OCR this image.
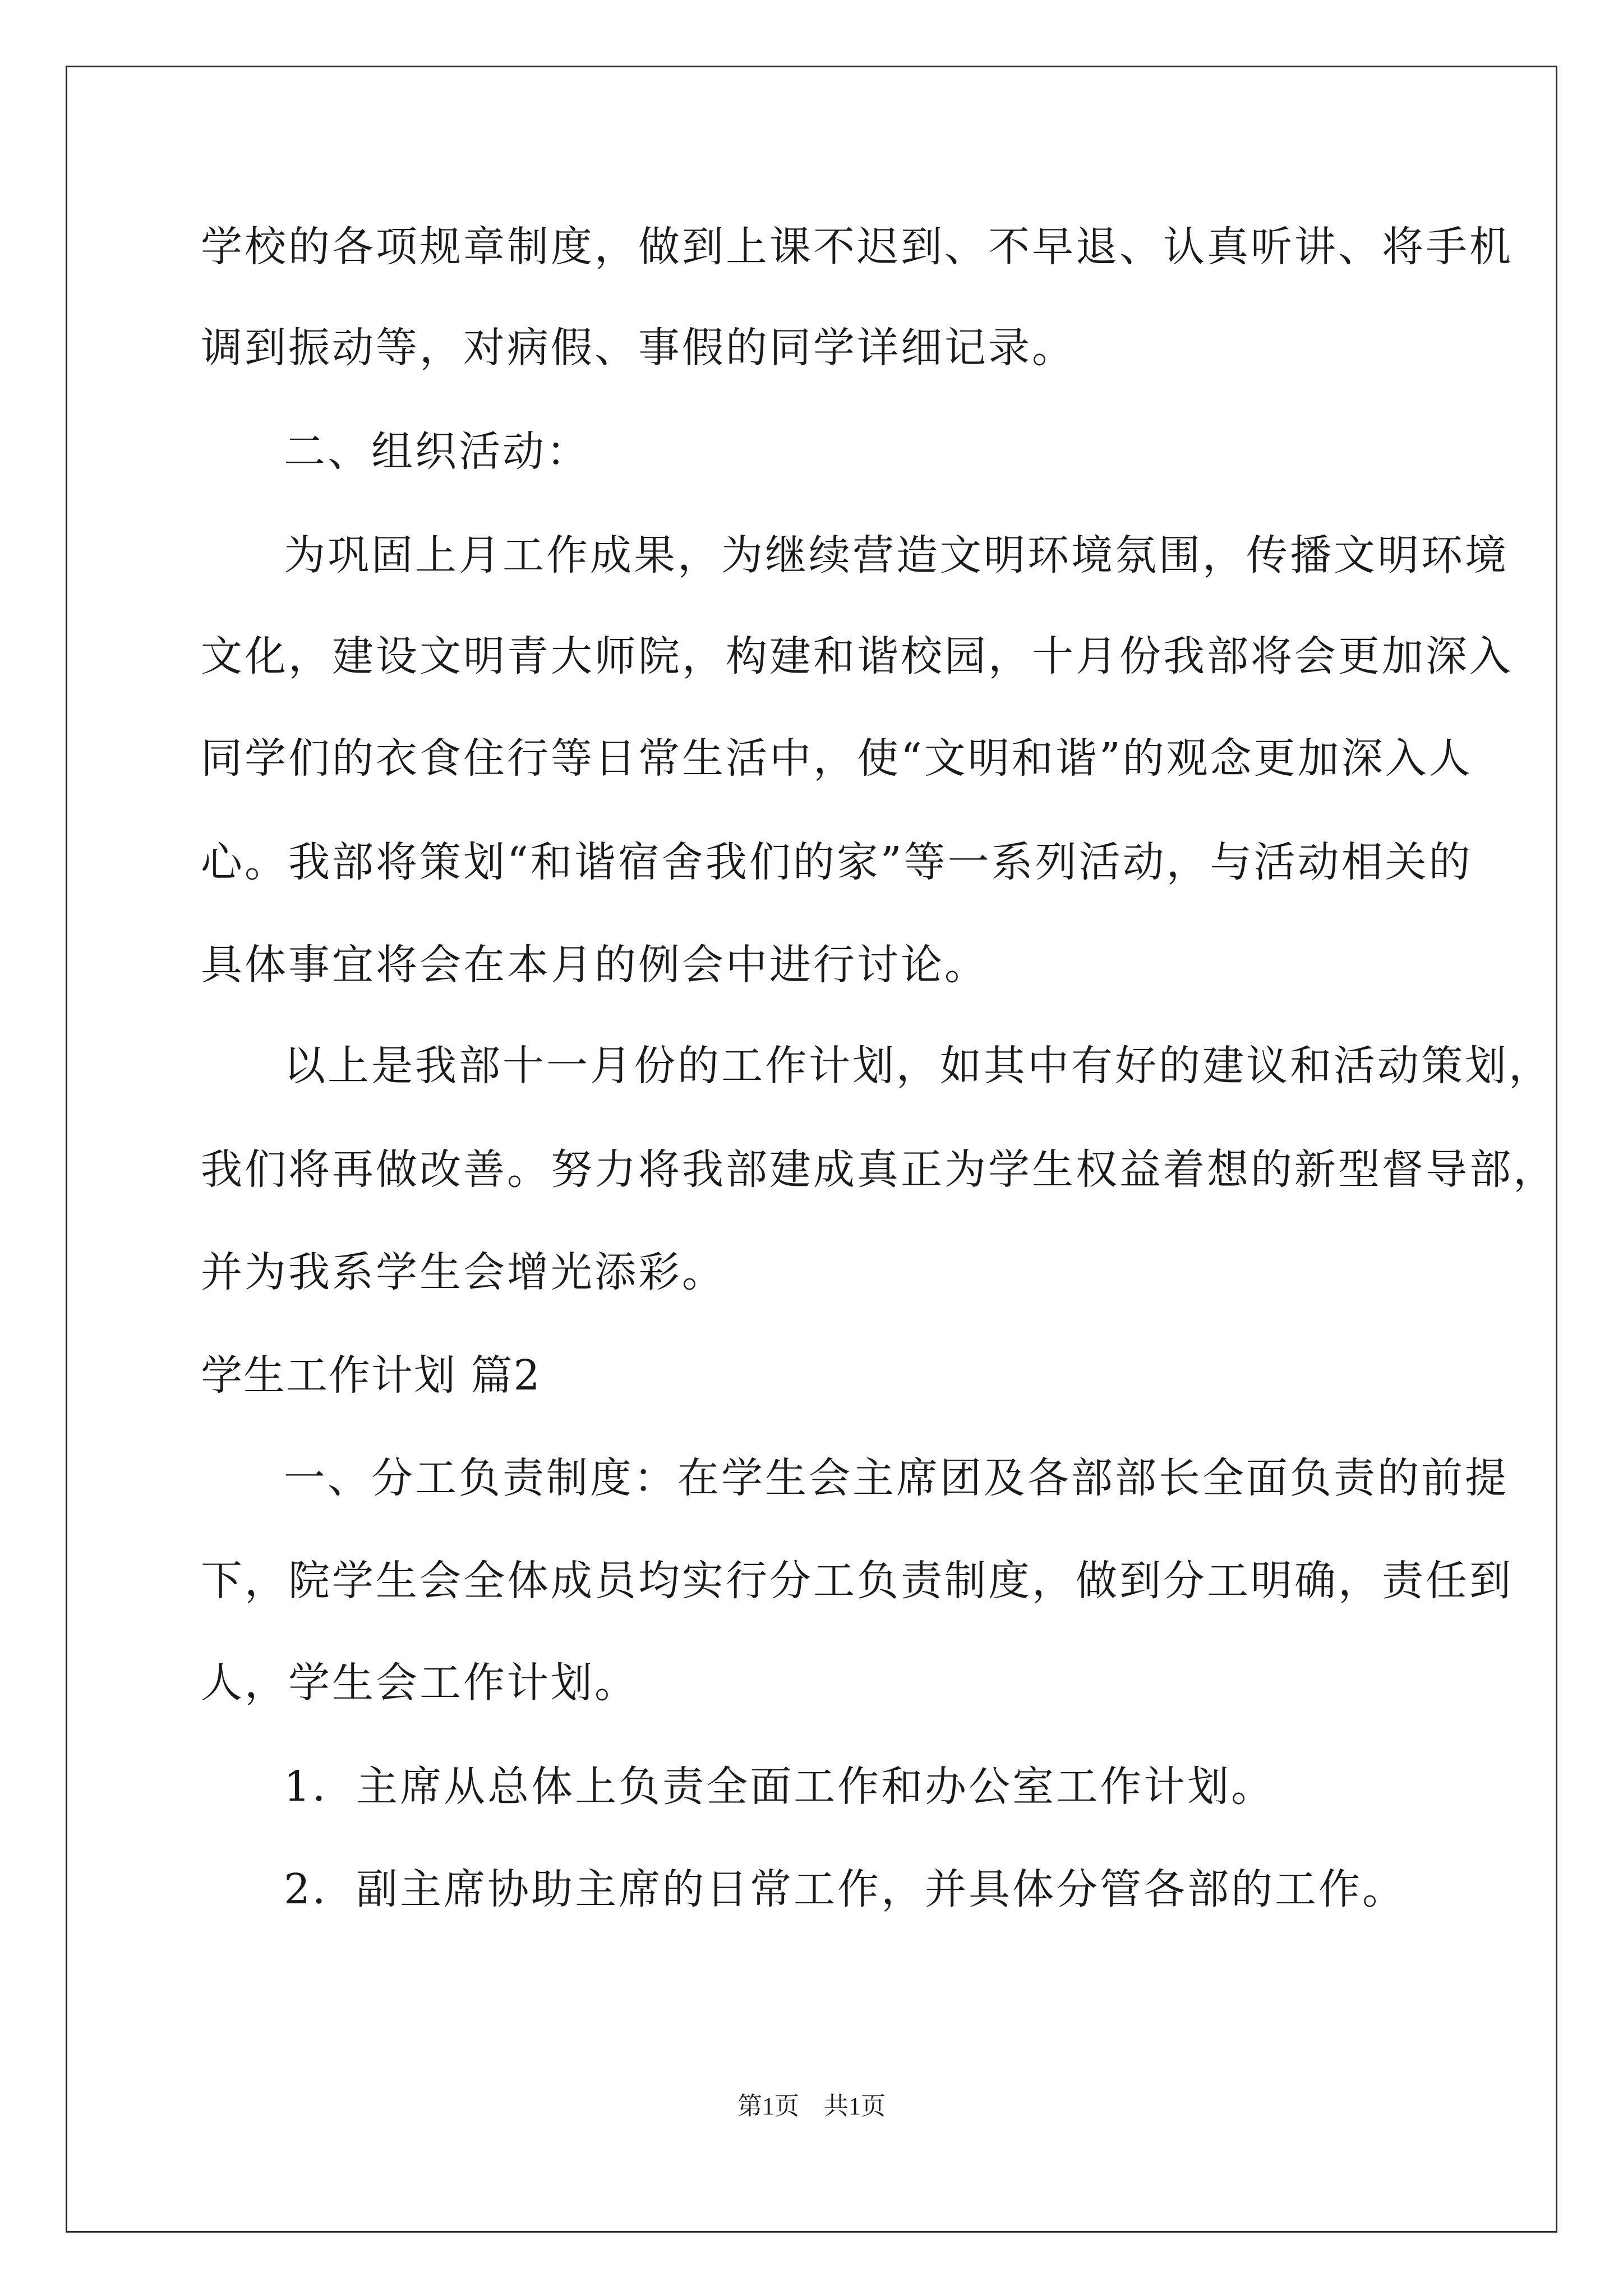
学校的各项规章制度，做到上课不迟到、不早退、认真听讲、将手机
调到振动等，对病假、事假的同学详细记录。
二、组织活动：
为巩固上月工作成果，为继续营造文明环境氛围，传播文明环境
文化，建设文明青大师院，构建和谐校园，十月份我部将会更加深入
同学们的衣食住行等日常生活中，使“文明和谐”的观念更加深入人
心。我部将策划“和谐宿舍我们的家”等一系列活动，与活动相关的
具体事宜将会在本月的例会中进行讨论。
以上是我部十一月份的工作计划，如其中有好的建议和活动策划，
我们将再做改善。努力将我部建成真正为学生权益着想的新型督导部，
并为我系学生会增光添彩。
学生工作计划 篇2
一、分工负责制度：在学生会主席团及各部部长全面负责的前提
下，院学生会全体成员均实行分工负责制度，做到分工明确，责任到
人，学生会工作计划。
1．主席从总体上负责全面工作和办公室工作计划。
2．副主席协助主席的日常工作，并具体分管各部的工作。
第1页　共1页
